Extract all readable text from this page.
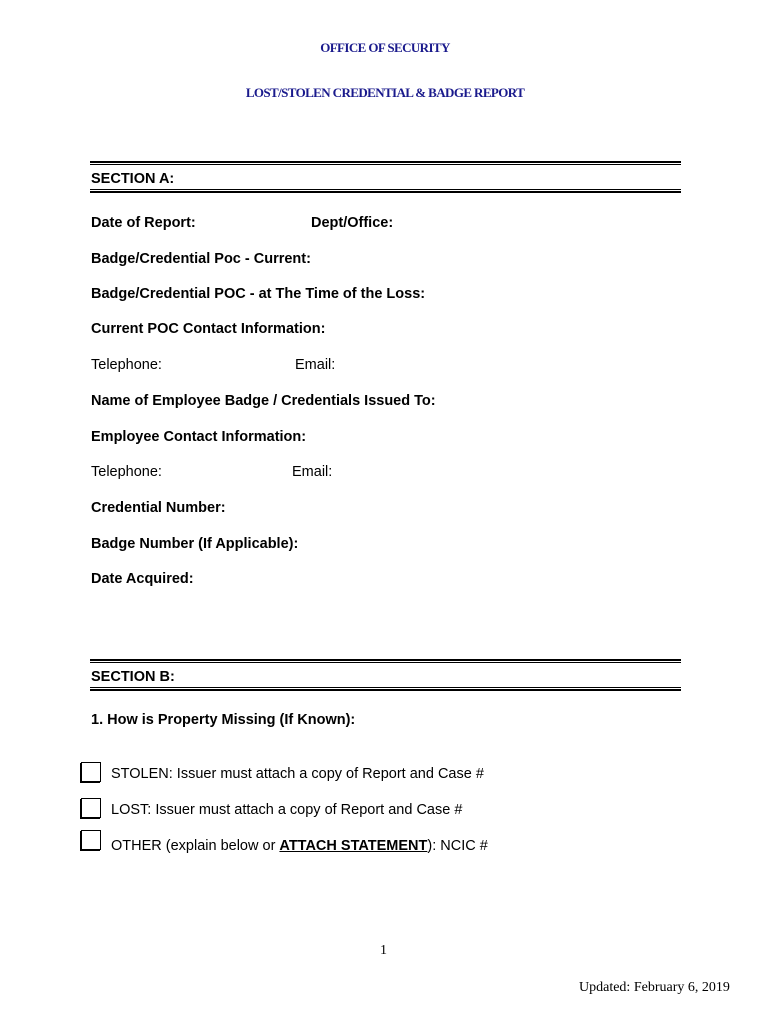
OFFICE OF SECURITY
LOST/STOLEN CREDENTIAL & BADGE REPORT
SECTION A:
Date of Report:	Dept/Office:
Badge/Credential Poc - Current:
Badge/Credential POC - at The Time of the Loss:
Current POC Contact Information:
Telephone:	Email:
Name of Employee Badge / Credentials Issued To:
Employee Contact Information:
Telephone:	Email:
Credential Number:
Badge Number (If Applicable):
Date Acquired:
SECTION B:
1. How is Property Missing (If Known):
STOLEN: Issuer must attach a copy of Report and Case #
LOST: Issuer must attach a copy of Report and Case #
OTHER (explain below or ATTACH STATEMENT): NCIC #
1
Updated: February 6, 2019
